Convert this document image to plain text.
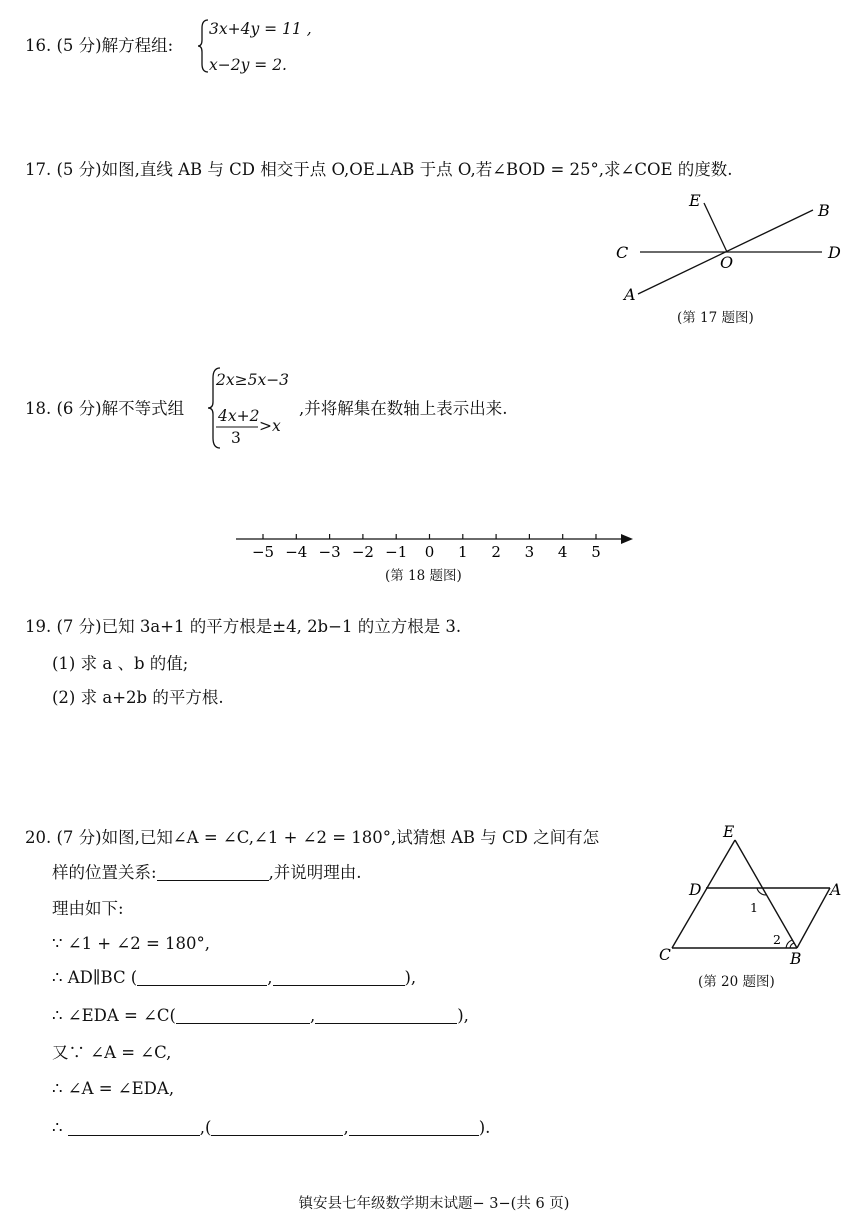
16. (5 分)解方程组:
3x+4y = 11 ,
x−2y = 2.
17. (5 分)如图,直线 AB 与 CD 相交于点 O,OE⊥AB 于点 O,若∠BOD = 25°,求∠COE 的度数.
E
B
C
O
D
A
(第 17 题图)
18. (6 分)解不等式组
2x≥5x−3
4x+2
3
>x
,并将解集在数轴上表示出来.
−5 −4 −3 −2 −1 0 1 2 3 4 5
(第 18 题图)
19. (7 分)已知 3a+1 的平方根是±4, 2b−1 的立方根是 3.
(1) 求 a 、b 的值;
(2) 求 a+2b 的平方根.
20. (7 分)如图,已知∠A = ∠C,∠1 + ∠2 = 180°,试猜想 AB 与 CD 之间有怎
样的位置关系:	,并说明理由.
理由如下:
∵ ∠1 + ∠2 = 180°,
∴ AD∥BC (	,	),
∴ ∠EDA = ∠C(	,	),
又∵ ∠A = ∠C,
∴ ∠A = ∠EDA,
∴	,(	,	).
E
D	A
C	B
1
2
(第 20 题图)
镇安县七年级数学期末试题− 3−(共 6 页)
